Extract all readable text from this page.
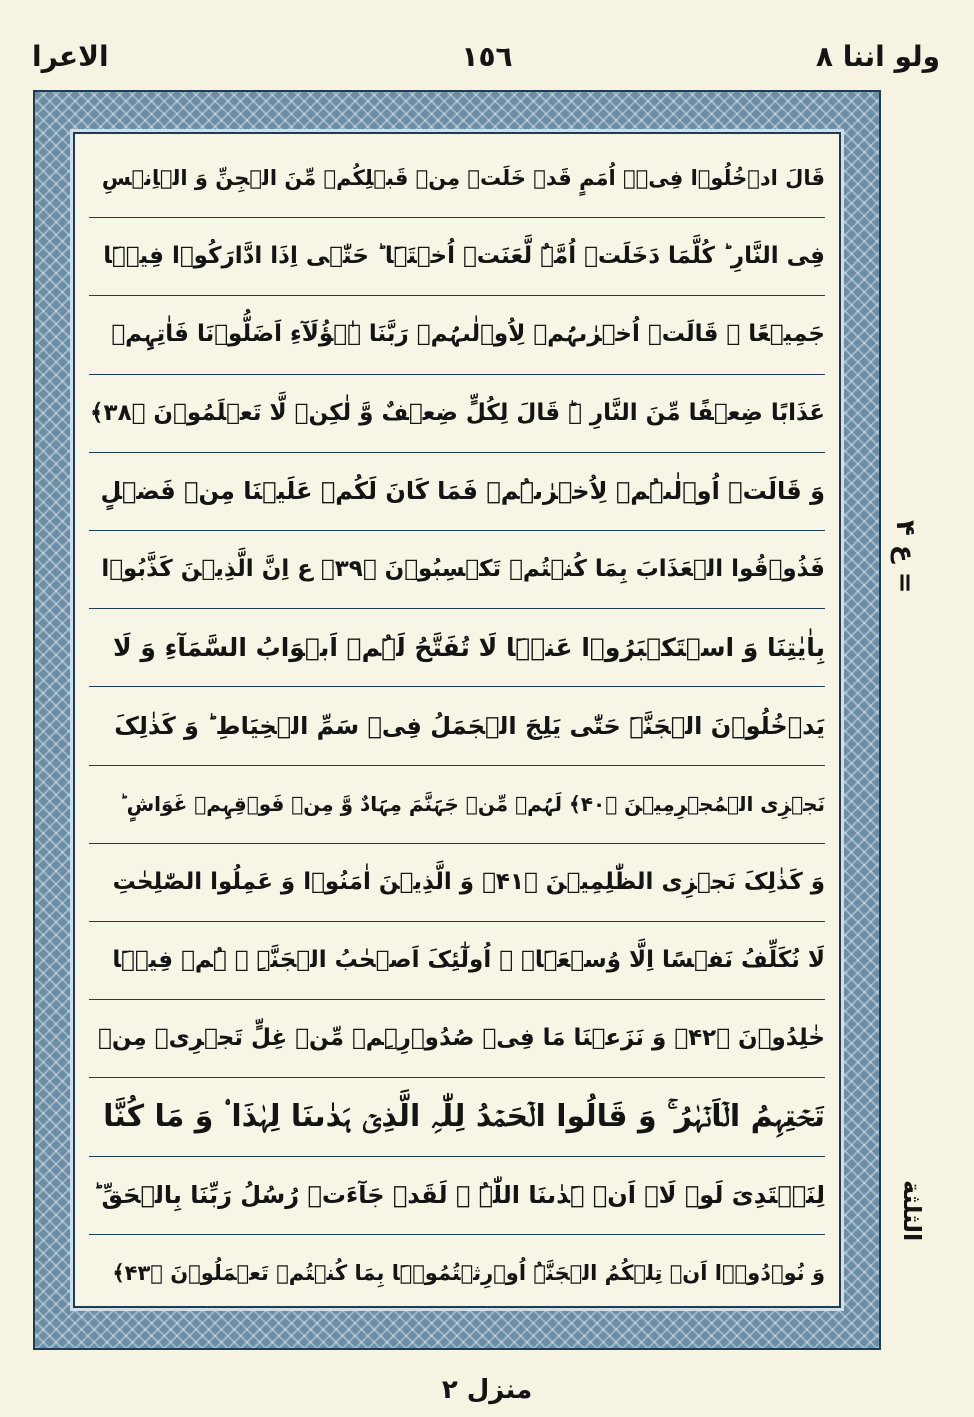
ولو اننا ٨
١٥٦
الاعرا
قَالَ ادۡخُلُوۡا فِیۡۤ اُمَمٍ قَدۡ خَلَتۡ مِنۡ قَبۡلِکُمۡ مِّنَ الۡجِنِّ وَ الۡاِنۡسِ
فِی النَّارِ ؕ کُلَّمَا دَخَلَتۡ اُمَّۃٌ لَّعَنَتۡ اُخۡتَہَا ؕ حَتّٰۤی اِذَا ادَّارَکُوۡا فِیۡہَا
جَمِیۡعًا ۙ قَالَتۡ اُخۡرٰىہُمۡ لِاُوۡلٰىہُمۡ رَبَّنَا ہٰۤؤُلَآءِ اَضَلُّوۡنَا فَاٰتِہِمۡ
عَذَابًا ضِعۡفًا مِّنَ النَّارِ ۬ؕ قَالَ لِکُلٍّ ضِعۡفٌ وَّ لٰکِنۡ لَّا تَعۡلَمُوۡنَ ﴿۳۸﴾
وَ قَالَتۡ اُوۡلٰىہُمۡ لِاُخۡرٰىہُمۡ فَمَا کَانَ لَکُمۡ عَلَیۡنَا مِنۡ فَضۡلٍ
فَذُوۡقُوا الۡعَذَابَ بِمَا کُنۡتُمۡ تَکۡسِبُوۡنَ ﴿۳۹﴾ ع اِنَّ الَّذِیۡنَ کَذَّبُوۡا
بِاٰیٰتِنَا وَ اسۡتَکۡبَرُوۡا عَنۡہَا لَا تُفَتَّحُ لَہُمۡ اَبۡوَابُ السَّمَآءِ وَ لَا
یَدۡخُلُوۡنَ الۡجَنَّۃَ حَتّٰی یَلِجَ الۡجَمَلُ فِیۡ سَمِّ الۡخِیَاطِ ؕ وَ کَذٰلِکَ
نَجۡزِی الۡمُجۡرِمِیۡنَ ﴿۴۰﴾ لَہُمۡ مِّنۡ جَہَنَّمَ مِہَادٌ وَّ مِنۡ فَوۡقِہِمۡ غَوَاشٍ ؕ
وَ کَذٰلِکَ نَجۡزِی الظّٰلِمِیۡنَ ﴿۴۱﴾ وَ الَّذِیۡنَ اٰمَنُوۡا وَ عَمِلُوا الصّٰلِحٰتِ
لَا نُکَلِّفُ نَفۡسًا اِلَّا وُسۡعَہَاۤ ۫ اُولٰٓئِکَ اَصۡحٰبُ الۡجَنَّۃِ ۚ ہُمۡ فِیۡہَا
خٰلِدُوۡنَ ﴿۴۲﴾ وَ نَزَعۡنَا مَا فِیۡ صُدُوۡرِہِمۡ مِّنۡ غِلٍّ تَجۡرِیۡ مِنۡ
تَحۡتِہِمُ الۡاَنۡہٰرُ ۚ وَ قَالُوا الۡحَمۡدُ لِلّٰہِ الَّذِیۡ ہَدٰىنَا لِہٰذَا ۟ وَ مَا کُنَّا
لِنَہۡتَدِیَ لَوۡ لَاۤ اَنۡ ہَدٰىنَا اللّٰہُ ۚ لَقَدۡ جَآءَتۡ رُسُلُ رَبِّنَا بِالۡحَقِّ ؕ
وَ نُوۡدُوۡۤا اَنۡ تِلۡکُمُ الۡجَنَّۃُ اُوۡرِثۡتُمُوۡہَا بِمَا کُنۡتُمۡ تَعۡمَلُوۡنَ ﴿۴۳﴾
ع ۴ =
الثلثة
منزل ٢
